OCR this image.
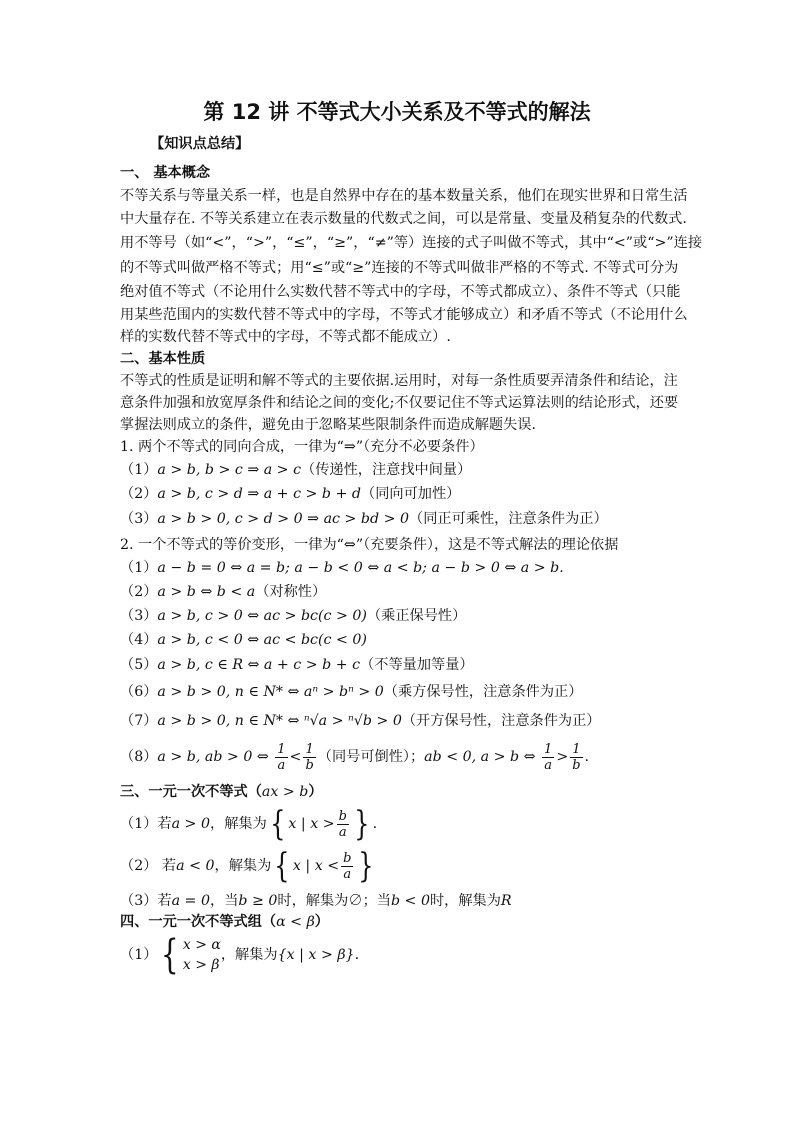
第 12 讲 不等式大小关系及不等式的解法
【知识点总结】
一、 基本概念
不等关系与等量关系一样，也是自然界中存在的基本数量关系，他们在现实世界和日常生活
中大量存在. 不等关系建立在表示数量的代数式之间，可以是常量、变量及稍复杂的代数式.
用不等号（如“<”，“>”，“≤”，“≥”，“≠”等）连接的式子叫做不等式，其中“<”或“>”连接
的不等式叫做严格不等式；用“≤”或“≥”连接的不等式叫做非严格的不等式. 不等式可分为
绝对值不等式（不论用什么实数代替不等式中的字母，不等式都成立）、条件不等式（只能
用某些范围内的实数代替不等式中的字母，不等式才能够成立）和矛盾不等式（不论用什么
样的实数代替不等式中的字母，不等式都不能成立）.
二、基本性质
不等式的性质是证明和解不等式的主要依据.运用时，对每一条性质要弄清条件和结论，注
意条件加强和放宽厚条件和结论之间的变化;不仅要记住不等式运算法则的结论形式，还要
掌握法则成立的条件，避免由于忽略某些限制条件而造成解题失误.
1. 两个不等式的同向合成，一律为“⇒”（充分不必要条件）
（1）a > b, b > c ⇒ a > c（传递性，注意找中间量）
（2）a > b, c > d ⇒ a + c > b + d（同向可加性）
（3）a > b > 0, c > d > 0 ⇒ ac > bd > 0（同正可乘性，注意条件为正）
2. 一个不等式的等价变形，一律为“⇔”（充要条件），这是不等式解法的理论依据
（1）a − b = 0 ⇔ a = b; a − b < 0 ⇔ a < b; a − b > 0 ⇔ a > b.
（2）a > b ⇔ b < a（对称性）
（3）a > b, c > 0 ⇔ ac > bc(c > 0)（乘正保号性）
（4）a > b, c < 0 ⇔ ac < bc(c < 0)
（5）a > b, c ∈ R ⇔ a + c > b + c（不等量加等量）
（6）a > b > 0, n ∈ N* ⇔ aⁿ > bⁿ > 0（乘方保号性，注意条件为正）
（7）a > b > 0, n ∈ N* ⇔ ⁿ√a > ⁿ√b > 0（开方保号性，注意条件为正）
（8）a > b, ab > 0 ⇔ $\frac{1}{a} < \frac{1}{b}$ （同号可倒性）；ab < 0, a > b ⇔ $\frac{1}{a} > \frac{1}{b}$ .
三、一元一次不等式（ax > b）
（1）若a > 0，解集为 { x | $x > \frac{b}{a}$ } .
（2） 若a < 0，解集为 { x | $x < \frac{b}{a}$ }
（3）若a = 0，当b ≥ 0时，解集为∅；当b < 0时，解集为R
四、一元一次不等式组（α < β）
（1） { x > α
x > β
，解集为{x | x > β}.
